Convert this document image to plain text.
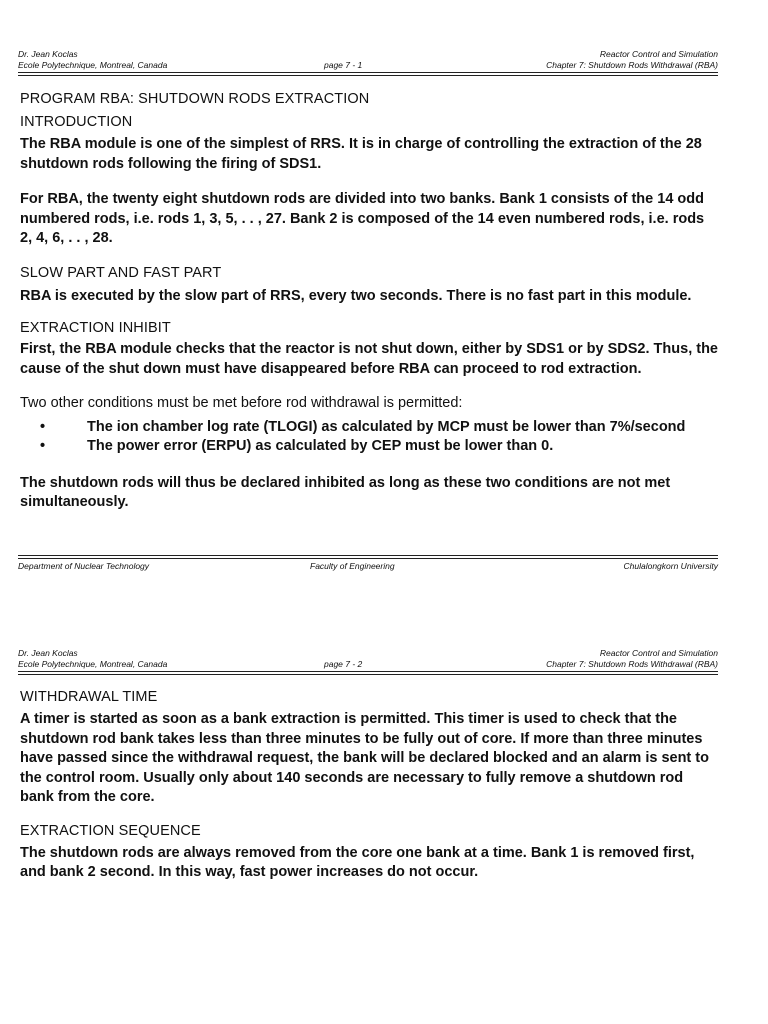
Dr. Jean Koclas
Ecole Polytechnique, Montreal, Canada	page 7 - 1
Reactor Control and Simulation
Chapter 7: Shutdown Rods Withdrawal (RBA)
PROGRAM RBA: SHUTDOWN RODS EXTRACTION
INTRODUCTION

The RBA module is one of the simplest of RRS. It is in charge of controlling the extraction of the 28 shutdown rods following the firing of SDS1.

For RBA, the twenty eight shutdown rods are divided into two banks. Bank 1 consists of the 14 odd numbered rods, i.e. rods 1, 3, 5, . . , 27. Bank 2 is composed of the 14 even numbered rods, i.e. rods 2, 4, 6, . . , 28.

SLOW PART AND FAST PART

RBA is executed by the slow part of RRS, every two seconds. There is no fast part in this module.

EXTRACTION INHIBIT

First, the RBA module checks that the reactor is not shut down, either by SDS1 or by SDS2. Thus, the cause of the shut down must have disappeared before RBA can proceed to rod extraction.

Two other conditions must be met before rod withdrawal is permitted:

•	The ion chamber log rate (TLOGI) as calculated by MCP must be lower than 7%/second
•	The power error (ERPU) as calculated by CEP must be lower than 0.

The shutdown rods will thus be declared inhibited as long as these two conditions are not met simultaneously.

Department of Nuclear Technology	Faculty of Engineering	Chulalongkorn University
Dr. Jean Koclas
Ecole Polytechnique, Montreal, Canada	page 7 - 2
Reactor Control and Simulation
Chapter 7: Shutdown Rods Withdrawal (RBA)
WITHDRAWAL TIME

A timer is started as soon as a bank extraction is permitted. This timer is used to check that the shutdown rod bank takes less than three minutes to be fully out of core. If more than three minutes have passed since the withdrawal request, the bank will be declared blocked and an alarm is sent to the control room. Usually only about 140 seconds are necessary to fully remove a shutdown rod bank from the core.

EXTRACTION SEQUENCE

The shutdown rods are always removed from the core one bank at a time. Bank 1 is removed first, and bank 2 second. In this way, fast power increases do not occur.
